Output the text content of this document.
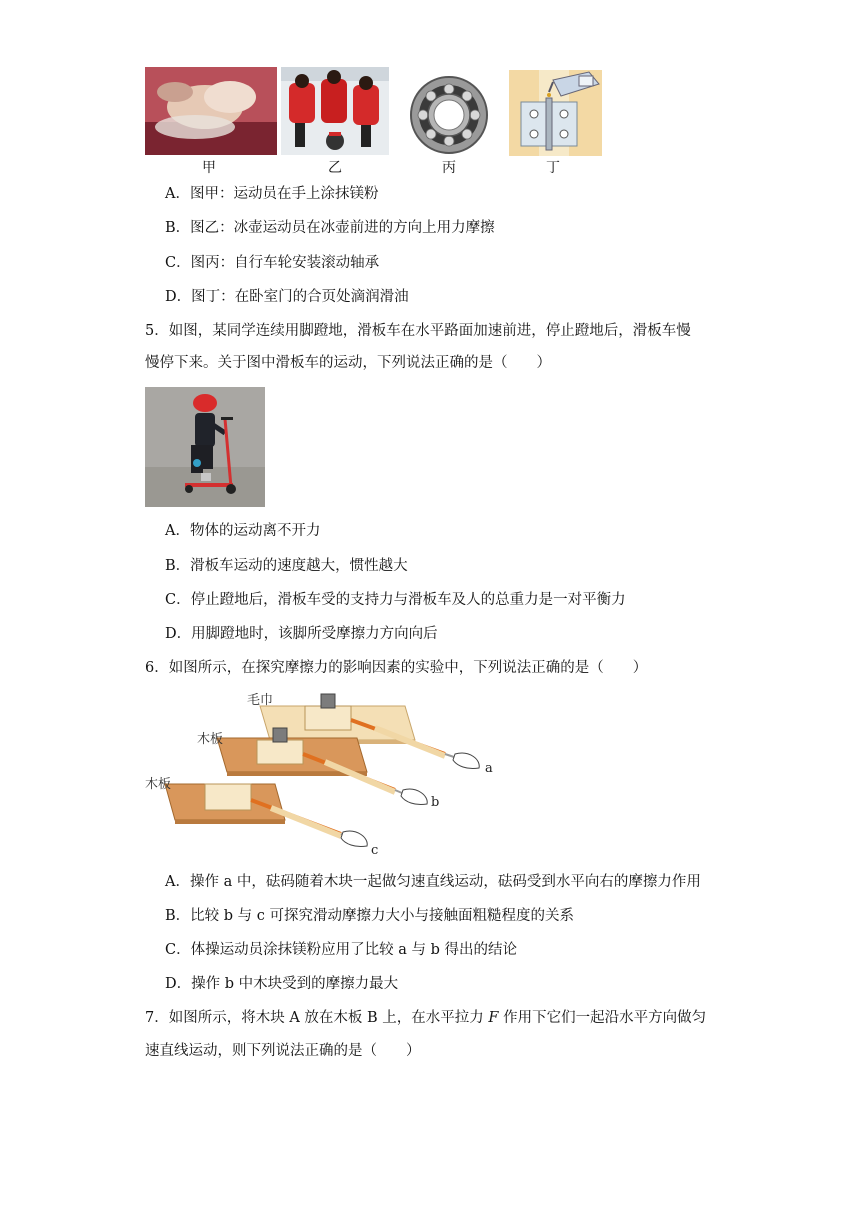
甲	乙	丙	丁
A．图甲：运动员在手上涂抹镁粉
B．图乙：冰壶运动员在冰壶前进的方向上用力摩擦
C．图丙：自行车轮安装滚动轴承
D．图丁：在卧室门的合页处滴润滑油
5．如图，某同学连续用脚蹬地，滑板车在水平路面加速前进，停止蹬地后，滑板车慢
慢停下来。关于图中滑板车的运动，下列说法正确的是（　　）
A．物体的运动离不开力
B．滑板车运动的速度越大，惯性越大
C．停止蹬地后，滑板车受的支持力与滑板车及人的总重力是一对平衡力
D．用脚蹬地时，该脚所受摩擦力方向向后
6．如图所示，在探究摩擦力的影响因素的实验中，下列说法正确的是（　　）
毛巾
木板
木板
a
b
c
A．操作 a 中，砝码随着木块一起做匀速直线运动，砝码受到水平向右的摩擦力作用
B．比较 b 与 c 可探究滑动摩擦力大小与接触面粗糙程度的关系
C．体操运动员涂抹镁粉应用了比较 a 与 b 得出的结论
D．操作 b 中木块受到的摩擦力最大
7．如图所示，将木块 A 放在木板 B 上，在水平拉力 F 作用下它们一起沿水平方向做匀
速直线运动，则下列说法正确的是（　　）
